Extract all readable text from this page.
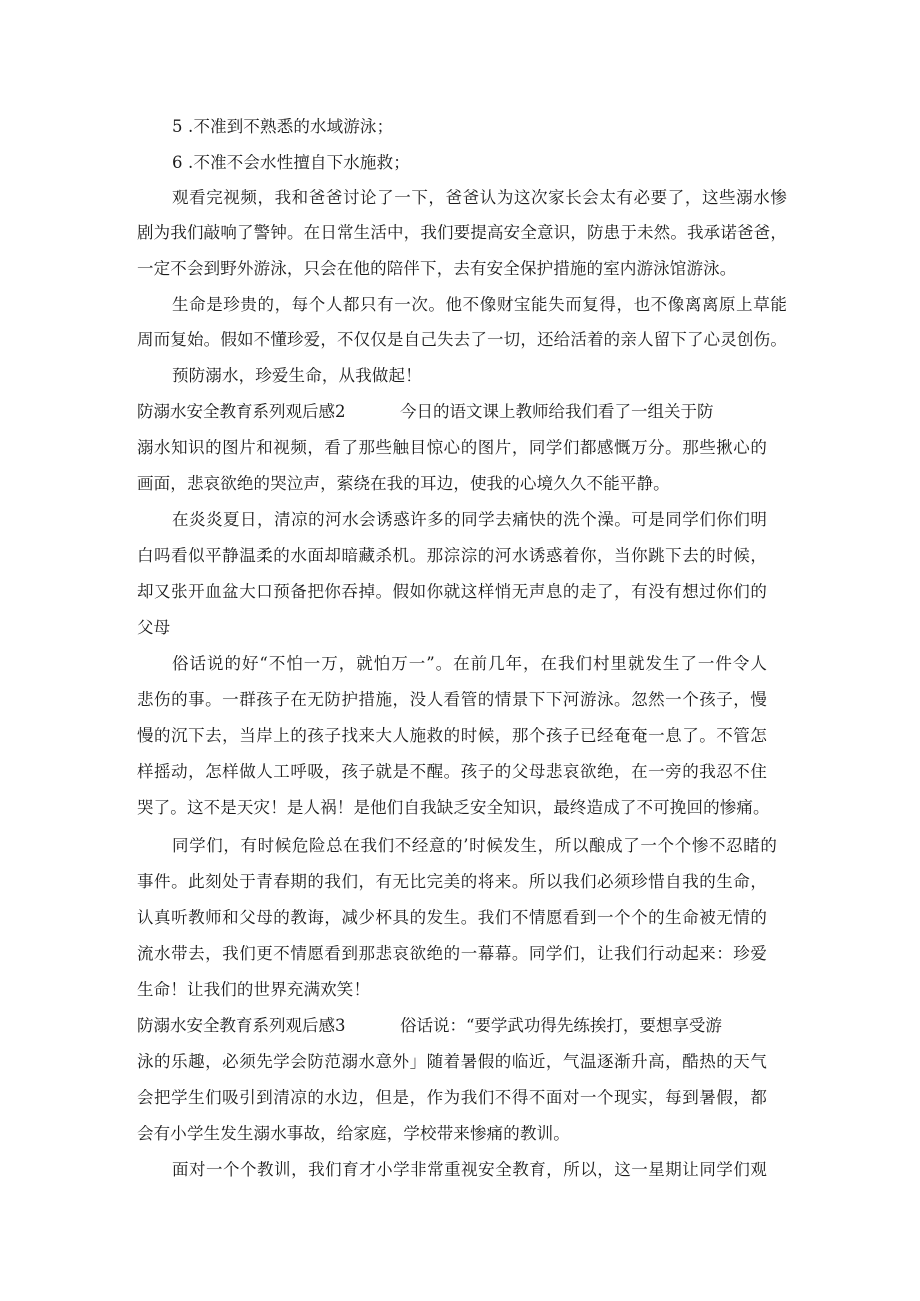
5 .不准到不熟悉的水域游泳；
6 .不准不会水性擅自下水施救；
观看完视频，我和爸爸讨论了一下，爸爸认为这次家长会太有必要了，这些溺水惨
剧为我们敲响了警钟。在日常生活中，我们要提高安全意识，防患于未然。我承诺爸爸，
一定不会到野外游泳，只会在他的陪伴下，去有安全保护措施的室内游泳馆游泳。
生命是珍贵的，每个人都只有一次。他不像财宝能失而复得，也不像离离原上草能
周而复始。假如不懂珍爱，不仅仅是自己失去了一切，还给活着的亲人留下了心灵创伤。
预防溺水，珍爱生命，从我做起！
防溺水安全教育系列观后感2	今日的语文课上教师给我们看了一组关于防
溺水知识的图片和视频，看了那些触目惊心的图片，同学们都感慨万分。那些揪心的
画面，悲哀欲绝的哭泣声，萦绕在我的耳边，使我的心境久久不能平静。
在炎炎夏日，清凉的河水会诱惑许多的同学去痛快的洗个澡。可是同学们你们明
白吗看似平静温柔的水面却暗藏杀机。那淙淙的河水诱惑着你，当你跳下去的时候，
却又张开血盆大口预备把你吞掉。假如你就这样悄无声息的走了，有没有想过你们的
父母
俗话说的好“不怕一万，就怕万一”。在前几年，在我们村里就发生了一件令人
悲伤的事。一群孩子在无防护措施，没人看管的情景下下河游泳。忽然一个孩子，慢
慢的沉下去，当岸上的孩子找来大人施救的时候，那个孩子已经奄奄一息了。不管怎
样摇动，怎样做人工呼吸，孩子就是不醒。孩子的父母悲哀欲绝，在一旁的我忍不住
哭了。这不是天灾！是人祸！是他们自我缺乏安全知识，最终造成了不可挽回的惨痛。
同学们，有时候危险总在我们不经意的’时候发生，所以酿成了一个个惨不忍睹的
事件。此刻处于青春期的我们，有无比完美的将来。所以我们必须珍惜自我的生命，
认真听教师和父母的教诲，减少杯具的发生。我们不情愿看到一个个的生命被无情的
流水带去，我们更不情愿看到那悲哀欲绝的一幕幕。同学们，让我们行动起来：珍爱
生命！让我们的世界充满欢笑！
防溺水安全教育系列观后感3	俗话说：“要学武功得先练挨打，要想享受游
泳的乐趣，必须先学会防范溺水意外」随着暑假的临近，气温逐渐升高，酷热的天气
会把学生们吸引到清凉的水边，但是，作为我们不得不面对一个现实，每到暑假，都
会有小学生发生溺水事故，给家庭，学校带来惨痛的教训。
面对一个个教训，我们育才小学非常重视安全教育，所以，这一星期让同学们观
